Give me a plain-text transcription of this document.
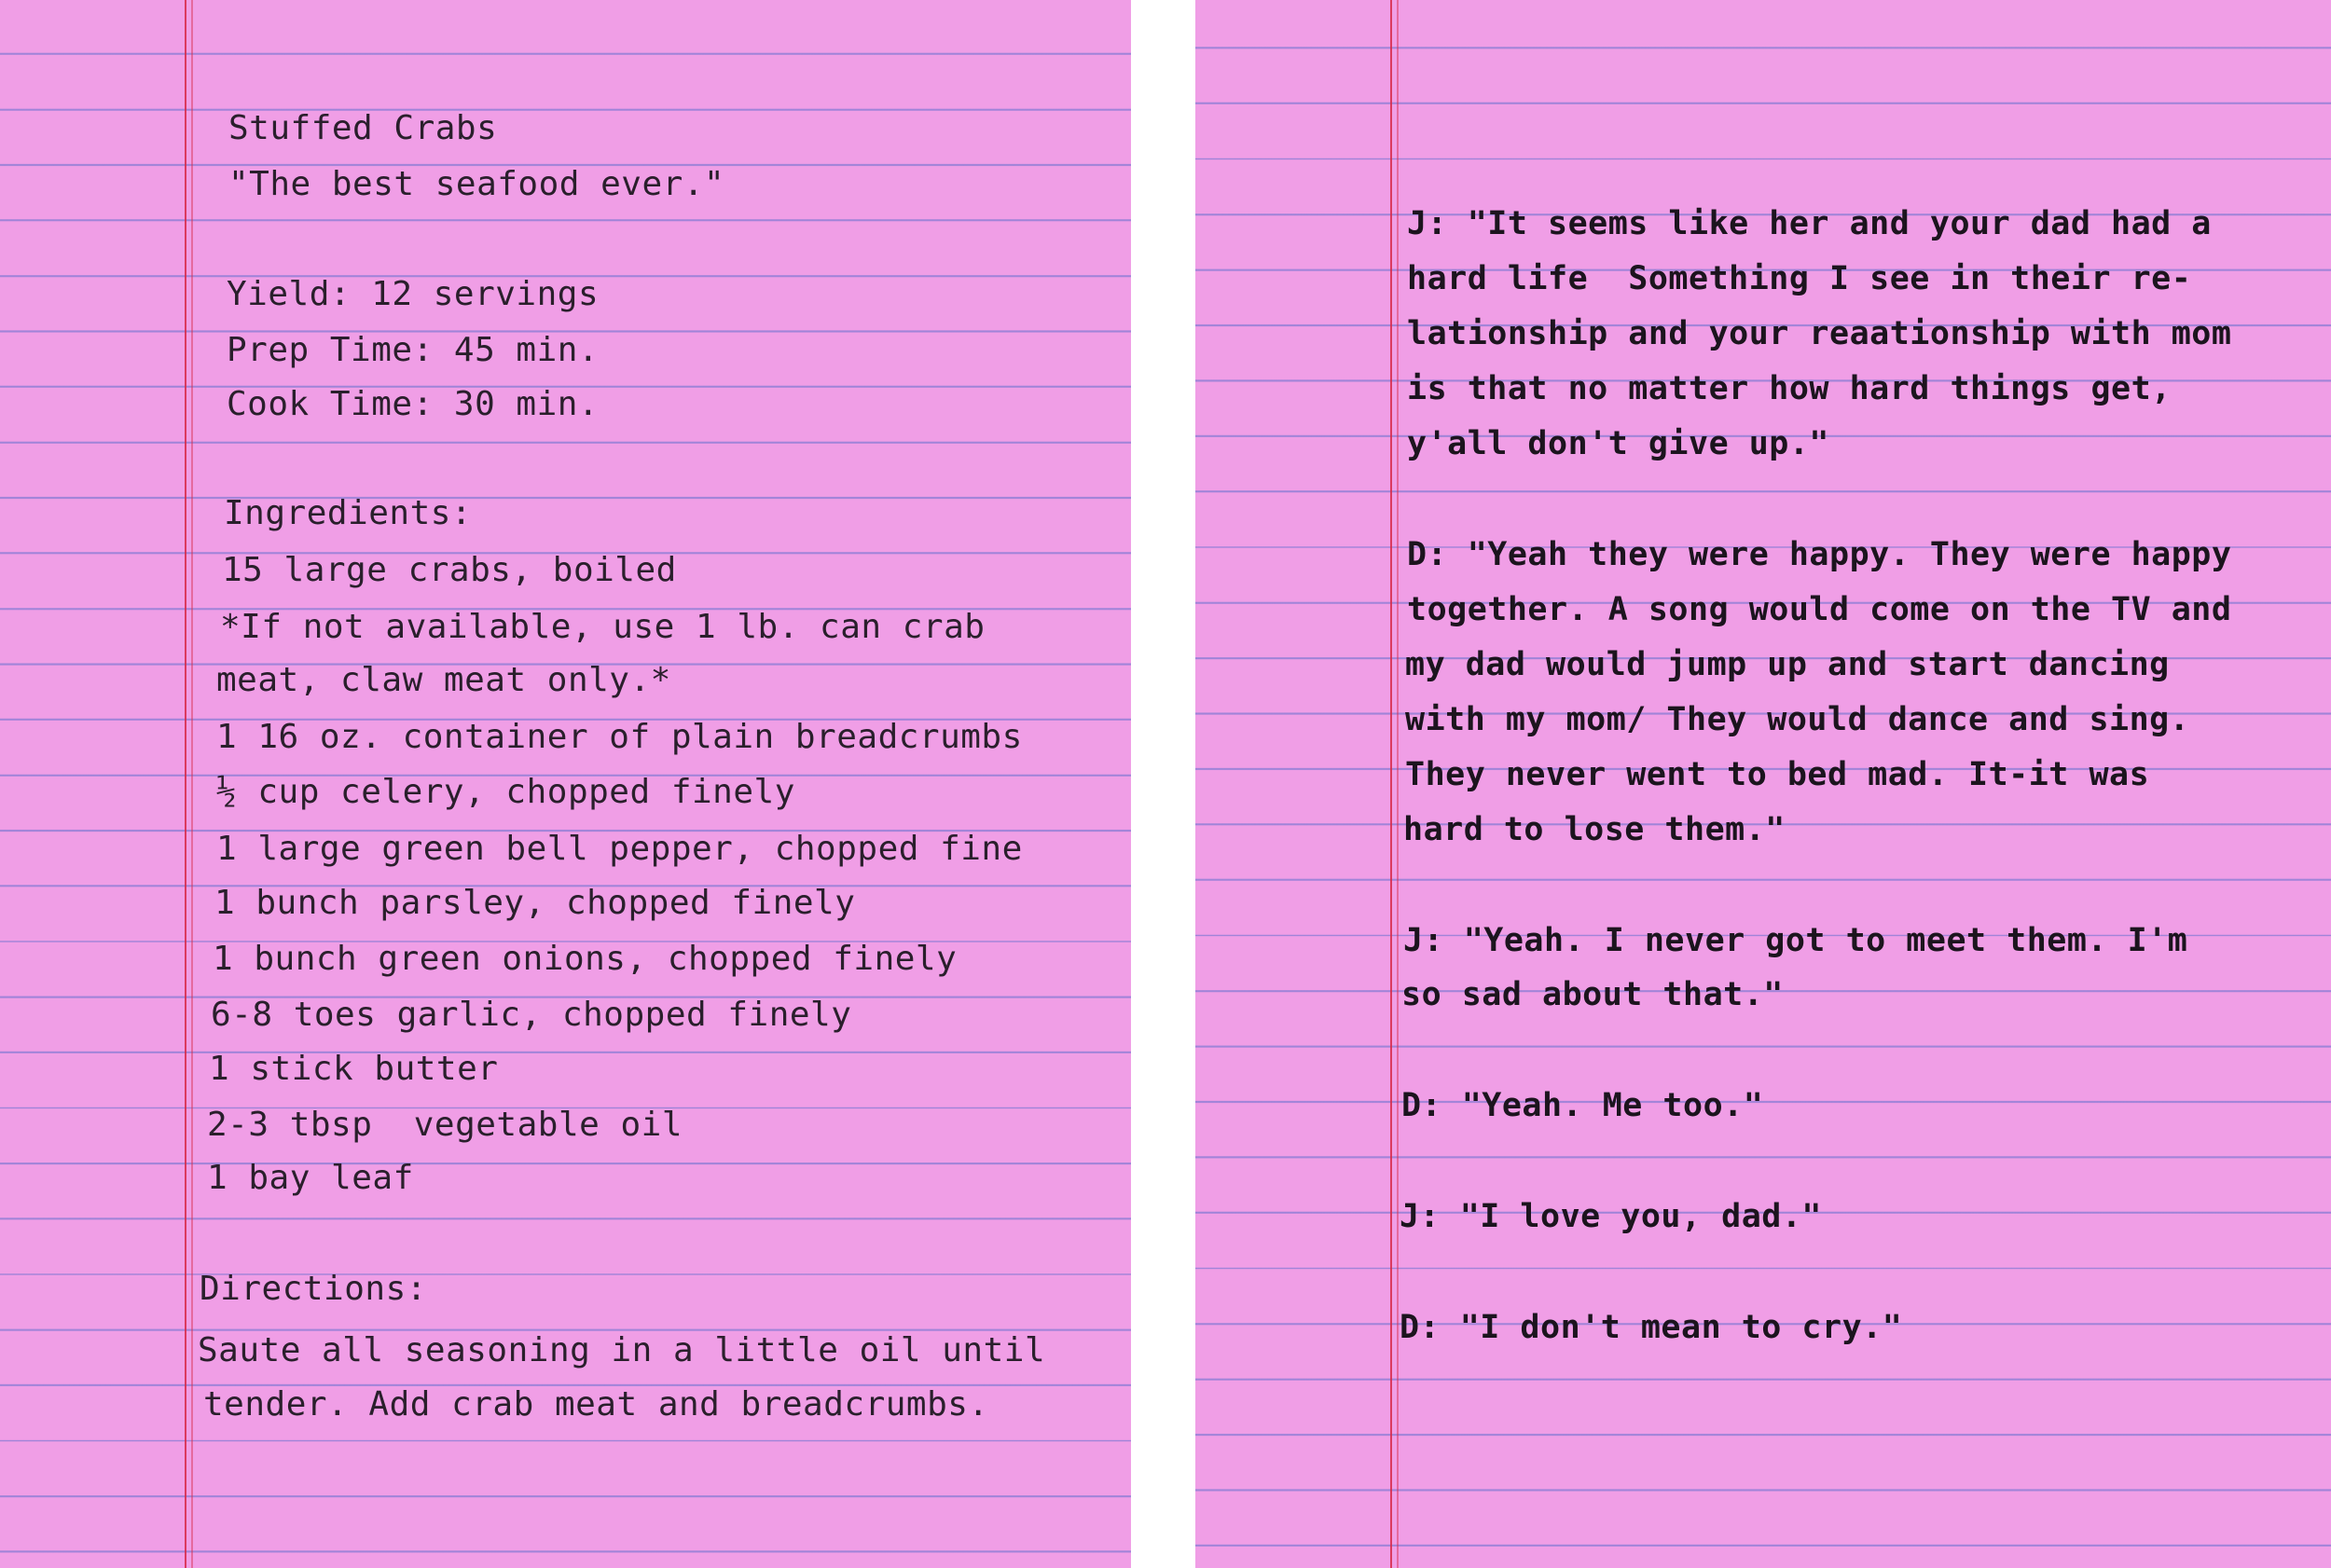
Stuffed Crabs
"The best seafood ever."
Yield: 12 servings
Prep Time: 45 min.
Cook Time: 30 min.
Ingredients:
15 large crabs, boiled
*If not available, use 1 lb. can crab
meat, claw meat only.*
1 16 oz. container of plain breadcrumbs
½ cup celery, chopped finely
1 large green bell pepper, chopped fine
1 bunch parsley, chopped finely
1 bunch green onions, chopped finely
6-8 toes garlic, chopped finely
1 stick butter
2-3 tbsp  vegetable oil
1 bay leaf
Directions:
Saute all seasoning in a little oil until
tender. Add crab meat and breadcrumbs.
J: "It seems like her and your dad had a
hard life  Something I see in their re-
lationship and your reaationship with mom
is that no matter how hard things get,
y'all don't give up."
D: "Yeah they were happy. They were happy
together. A song would come on the TV and
my dad would jump up and start dancing
with my mom/ They would dance and sing.
They never went to bed mad. It-it was
hard to lose them."
J: "Yeah. I never got to meet them. I'm
so sad about that."
D: "Yeah. Me too."
J: "I love you, dad."
D: "I don't mean to cry."
